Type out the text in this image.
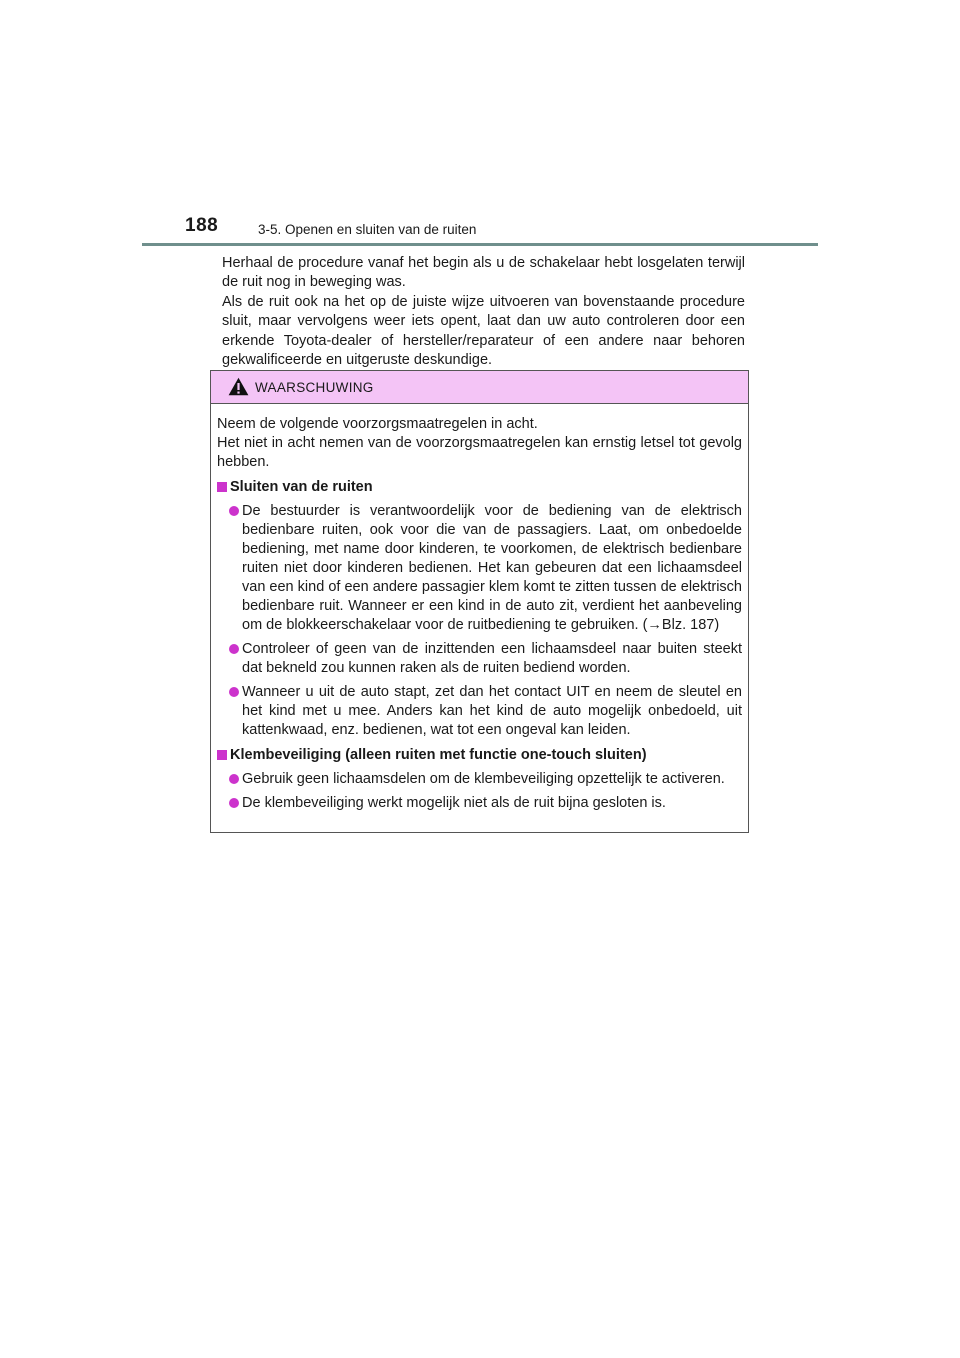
188	3-5. Openen en sluiten van de ruiten

Herhaal de procedure vanaf het begin als u de schakelaar hebt losgelaten terwijl de ruit nog in beweging was.

Als de ruit ook na het op de juiste wijze uitvoeren van bovenstaande procedure sluit, maar vervolgens weer iets opent, laat dan uw auto controleren door een erkende Toyota-dealer of hersteller/reparateur of een andere naar behoren gekwalificeerde en uitgeruste deskundige.

WAARSCHUWING

Neem de volgende voorzorgsmaatregelen in acht.

Het niet in acht nemen van de voorzorgsmaatregelen kan ernstig letsel tot gevolg hebben.

Sluiten van de ruiten
De bestuurder is verantwoordelijk voor de bediening van de elektrisch bedienbare ruiten, ook voor die van de passagiers. Laat, om onbedoelde bediening, met name door kinderen, te voorkomen, de elektrisch bedienbare ruiten niet door kinderen bedienen. Het kan gebeuren dat een lichaamsdeel van een kind of een andere passagier klem komt te zitten tussen de elektrisch bedienbare ruit. Wanneer er een kind in de auto zit, verdient het aanbeveling om de blokkeerschakelaar voor de ruitbediening te gebruiken. (→Blz. 187)
Controleer of geen van de inzittenden een lichaamsdeel naar buiten steekt dat bekneld zou kunnen raken als de ruiten bediend worden.
Wanneer u uit de auto stapt, zet dan het contact UIT en neem de sleutel en het kind met u mee. Anders kan het kind de auto mogelijk onbedoeld, uit kattenkwaad, enz. bedienen, wat tot een ongeval kan leiden.
Klembeveiliging (alleen ruiten met functie one-touch sluiten)
Gebruik geen lichaamsdelen om de klembeveiliging opzettelijk te activeren.
De klembeveiliging werkt mogelijk niet als de ruit bijna gesloten is.
